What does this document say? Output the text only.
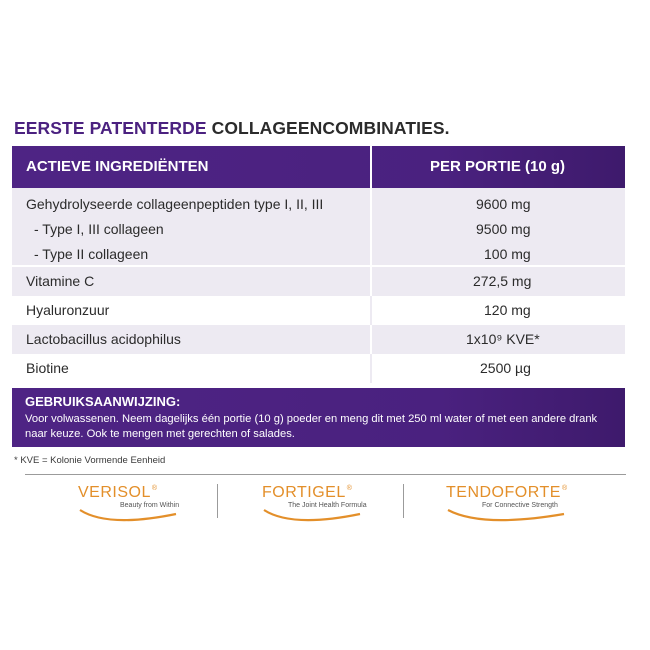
EERSTE PATENTERDE COLLAGEENCOMBINATIES.
ACTIEVE INGREDIËNTEN	PER PORTIE (10 g)
Gehydrolyseerde collageenpeptiden type I, II, III	9600 mg
- Type I, III collageen	9500 mg
- Type II collageen	100 mg
Vitamine C	272,5 mg
Hyaluronzuur	120 mg
Lactobacillus acidophilus	1x10⁹ KVE*
Biotine	2500 µg
GEBRUIKSAANWIJZING:
Voor volwassenen. Neem dagelijks één portie (10 g) poeder en meng dit met 250 ml water of met een andere drank naar keuze. Ook te mengen met gerechten of salades.
* KVE = Kolonie Vormende Eenheid
VERISOL®
Beauty from Within
FORTIGEL®
The Joint Health Formula
TENDOFORTE®
For Connective Strength
